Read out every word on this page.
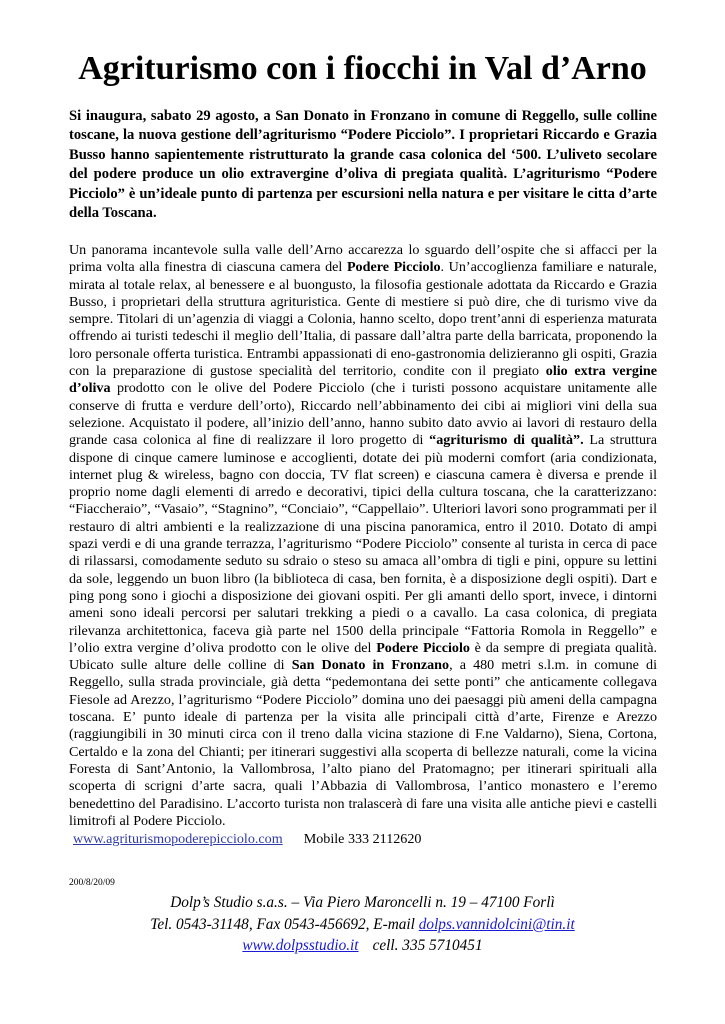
Agriturismo con i fiocchi in Val d’Arno

Si inaugura, sabato 29 agosto, a San Donato in Fronzano in comune di Reggello, sulle colline toscane, la nuova gestione dell’agriturismo “Podere Picciolo”. I proprietari Riccardo e Grazia Busso hanno sapientemente ristrutturato la grande casa colonica del ‘500. L’uliveto secolare del podere produce un olio extravergine d’oliva di pregiata qualità. L’agriturismo “Podere Picciolo” è un’ideale punto di partenza per escursioni nella natura e per visitare le citta d’arte della Toscana.

Un panorama incantevole sulla valle dell’Arno accarezza lo sguardo dell’ospite che si affacci per la prima volta alla finestra di ciascuna camera del Podere Picciolo. Un’accoglienza familiare e naturale, mirata al totale relax, al benessere e al buongusto, la filosofia gestionale adottata da Riccardo e Grazia Busso, i proprietari della struttura agrituristica. Gente di mestiere si può dire, che di turismo vive da sempre. Titolari di un’agenzia di viaggi a Colonia, hanno scelto, dopo trent’anni di esperienza maturata offrendo ai turisti tedeschi il meglio dell’Italia, di passare dall’altra parte della barricata, proponendo la loro personale offerta turistica. Entrambi appassionati di eno-gastronomia delizieranno gli ospiti, Grazia con la preparazione di gustose specialità del territorio, condite con il pregiato olio extra vergine d’oliva prodotto con le olive del Podere Picciolo (che i turisti possono acquistare unitamente alle conserve di frutta e verdure dell’orto), Riccardo nell’abbinamento dei cibi ai migliori vini della sua selezione. Acquistato il podere, all’inizio dell’anno, hanno subito dato avvio ai lavori di restauro della grande casa colonica al fine di realizzare il loro progetto di “agriturismo di qualità”. La struttura dispone di cinque camere luminose e accoglienti, dotate dei più moderni comfort (aria condizionata, internet plug & wireless, bagno con doccia, TV flat screen) e ciascuna camera è diversa e prende il proprio nome dagli elementi di arredo e decorativi, tipici della cultura toscana, che la caratterizzano: “Fiaccheraio”, “Vasaio”, “Stagnino”, “Conciaio”, “Cappellaio”. Ulteriori lavori sono programmati per il restauro di altri ambienti e la realizzazione di una piscina panoramica, entro il 2010. Dotato di ampi spazi verdi e di una grande terrazza, l’agriturismo “Podere Picciolo” consente al turista in cerca di pace di rilassarsi, comodamente seduto su sdraio o steso su amaca all’ombra di tigli e pini, oppure su lettini da sole, leggendo un buon libro (la biblioteca di casa, ben fornita, è a disposizione degli ospiti). Dart e ping pong sono i giochi a disposizione dei giovani ospiti. Per gli amanti dello sport, invece, i dintorni ameni sono ideali percorsi per salutari trekking a piedi o a cavallo. La casa colonica, di pregiata rilevanza architettonica, faceva già parte nel 1500 della principale “Fattoria Romola in Reggello” e l’olio extra vergine d’oliva prodotto con le olive del Podere Picciolo è da sempre di pregiata qualità. Ubicato sulle alture delle colline di San Donato in Fronzano, a 480 metri s.l.m. in comune di Reggello, sulla strada provinciale, già detta “pedemontana dei sette ponti” che anticamente collegava Fiesole ad Arezzo, l’agriturismo “Podere Picciolo” domina uno dei paesaggi più ameni della campagna toscana. E’ punto ideale di partenza per la visita alle principali città d’arte, Firenze e Arezzo (raggiungibili in 30 minuti circa con il treno dalla vicina stazione di F.ne Valdarno), Siena, Cortona, Certaldo e la zona del Chianti; per itinerari suggestivi alla scoperta di bellezze naturali, come la vicina Foresta di Sant’Antonio, la Vallombrosa, l’alto piano del Pratomagno; per itinerari spirituali alla scoperta di scrigni d’arte sacra, quali l’Abbazia di Vallombrosa, l’antico monastero e l’eremo benedettino del Paradisino. L’accorto turista non tralascerà di fare una visita alle antiche pievi e castelli limitrofi al Podere Picciolo.

www.agriturismopoderepicciolo.com Mobile 333 2112620
200/8/20/09
Dolp’s Studio s.a.s. – Via Piero Maroncelli n. 19 – 47100 Forlì
Tel. 0543-31148, Fax 0543-456692, E-mail dolps.vannidolcini@tin.it
www.dolpsstudio.it cell. 335 5710451
